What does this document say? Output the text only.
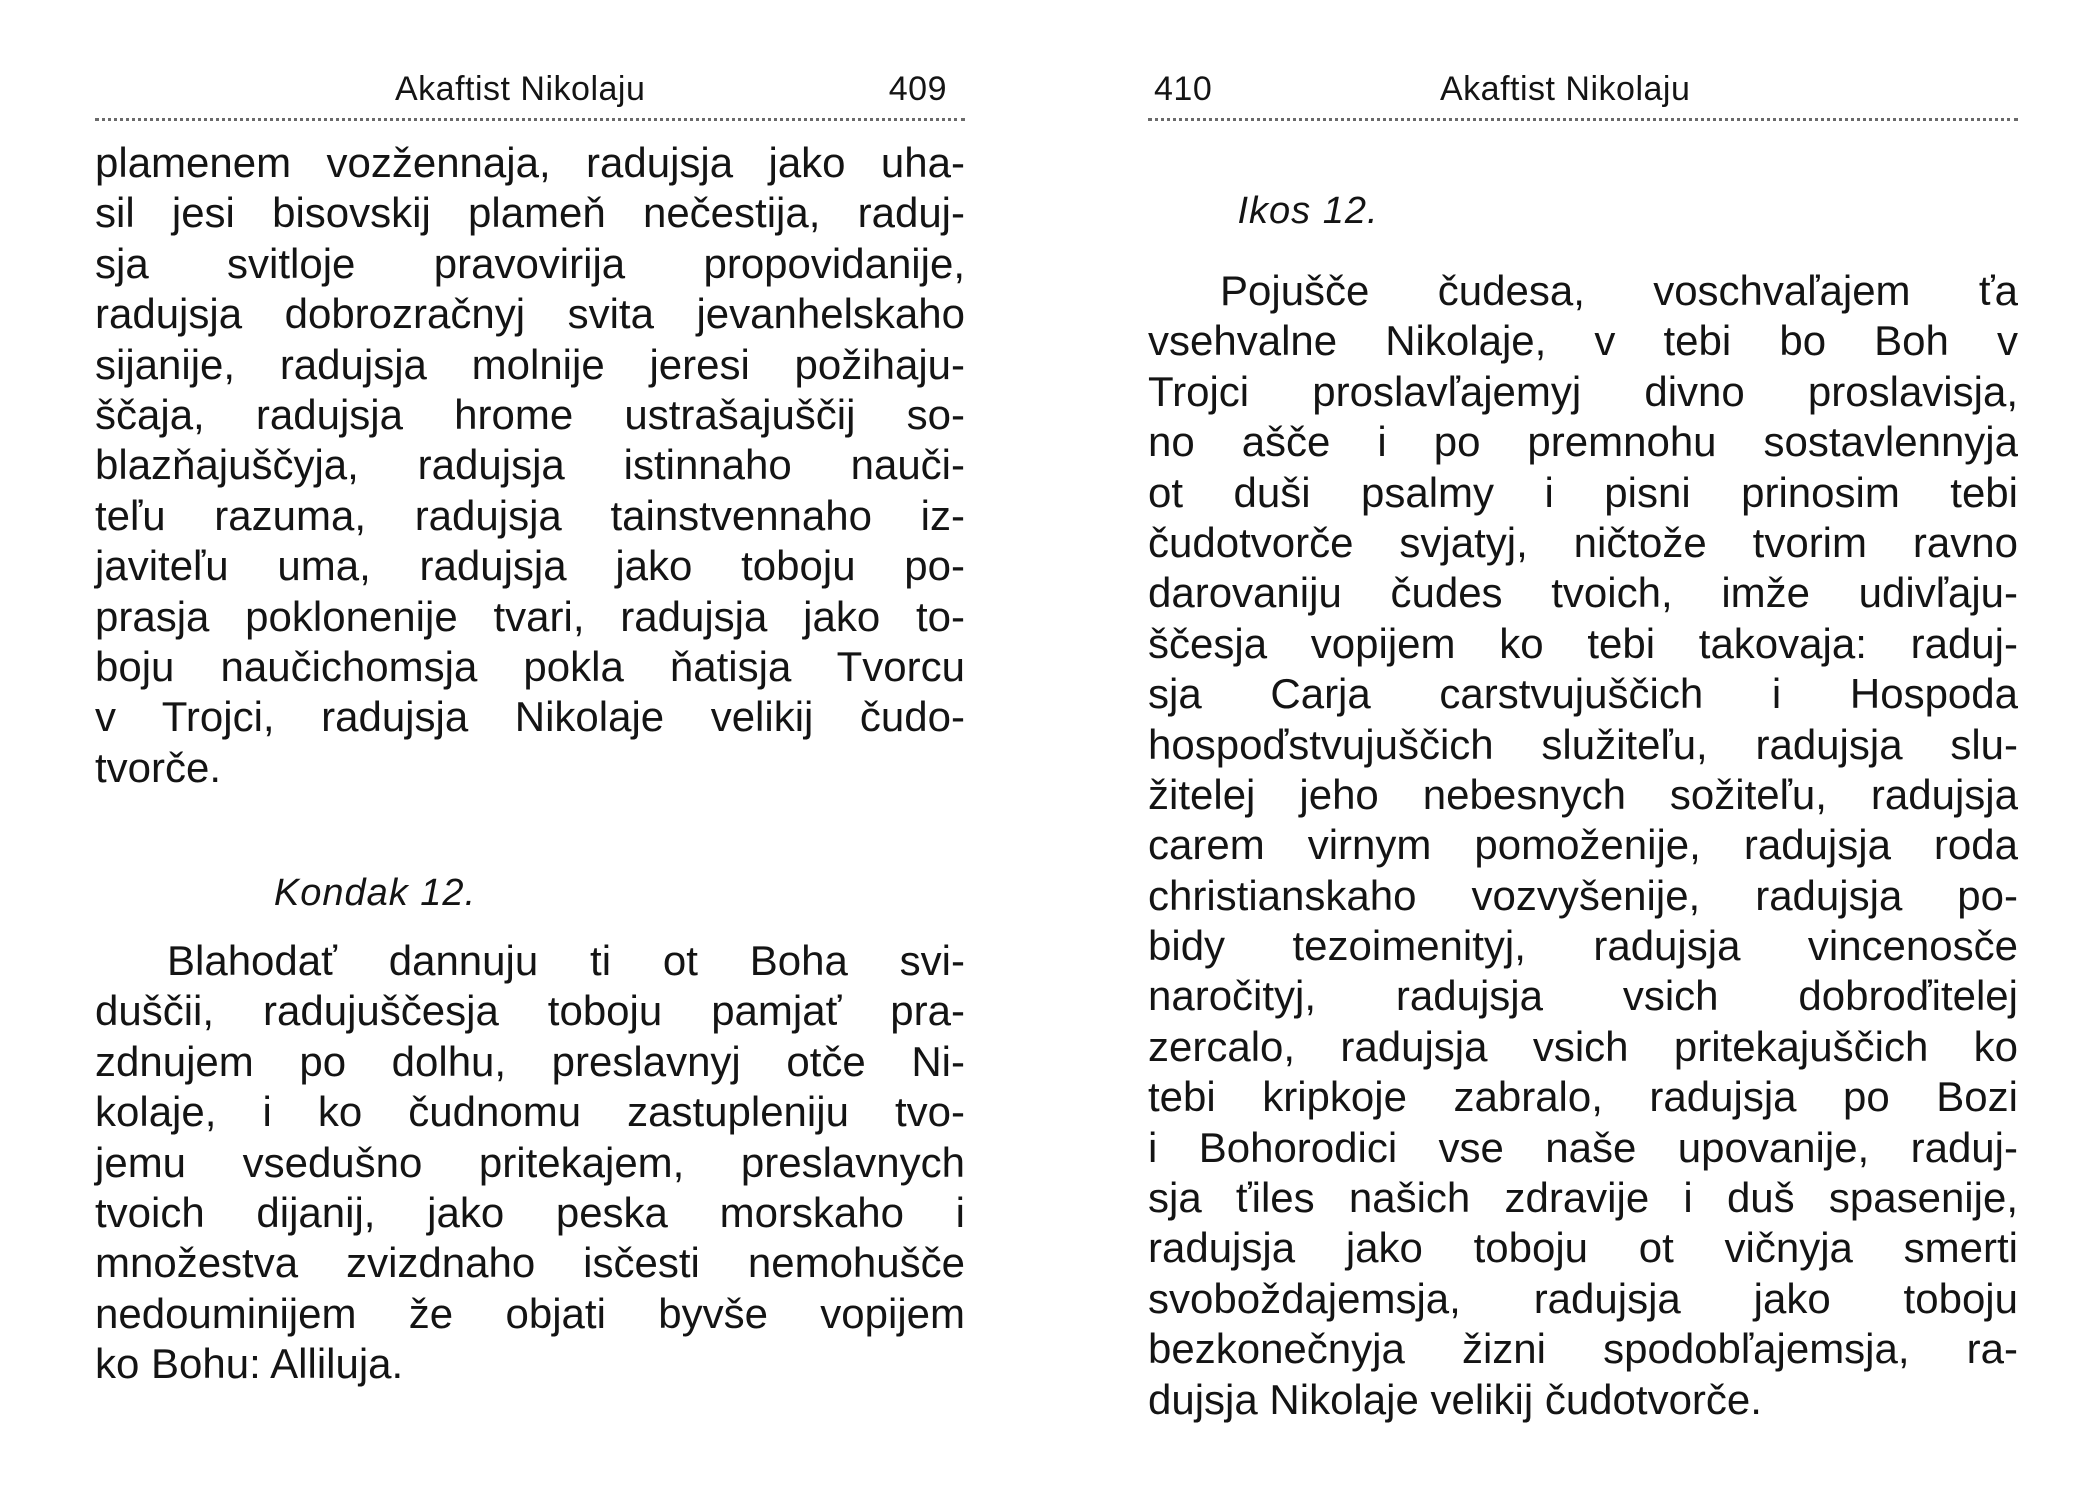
Akaftist Nikolaju	409
plamenem vozžennaja, radujsja jako uha-
sil jesi bisovskij plameň nečestija, raduj-
sja svitloje pravovirija propovidanije,
radujsja dobrozračnyj svita jevanhelskaho
sijanije, radujsja molnije jeresi požihaju-
ščaja, radujsja hrome ustrašajuščij so-
blazňajuščyja, radujsja istinnaho nauči-
teľu razuma, radujsja tainstvennaho iz-
javiteľu uma, radujsja jako toboju po-
prasja poklonenije tvari, radujsja jako to-
boju naučichomsja pokla ňatisja Tvorcu
v Trojci, radujsja Nikolaje velikij čudo-
tvorče.
Kondak 12.
Blahodať dannuju ti ot Boha svi-
duščii, radujuščesja toboju pamjať pra-
zdnujem po dolhu, preslavnyj otče Ni-
kolaje, i ko čudnomu zastupleniju tvo-
jemu vsedušno pritekajem, preslavnych
tvoich dijanij, jako peska morskaho i
množestva zvizdnaho isčesti nemohušče
nedouminijem že objati byvše vopijem
ko Bohu: Alliluja.
410	Akaftist Nikolaju
Ikos 12.
Pojušče čudesa, voschvaľajem ťa
vsehvalne Nikolaje, v tebi bo Boh v
Trojci proslavľajemyj divno proslavisja,
no ašče i po premnohu sostavlennyja
ot duši psalmy i pisni prinosim tebi
čudotvorče svjatyj, ničtože tvorim ravno
darovaniju čudes tvoich, imže udivľaju-
ščesja vopijem ko tebi takovaja: raduj-
sja Carja carstvujuščich i Hospoda
hospoďstvujuščich služiteľu, radujsja slu-
žitelej jeho nebesnych sožiteľu, radujsja
carem virnym pomoženije, radujsja roda
christianskaho vozvyšenije, radujsja po-
bidy tezoimenityj, radujsja vincenosče
naročityj, radujsja vsich dobroďitelej
zercalo, radujsja vsich pritekajuščich ko
tebi kripkoje zabralo, radujsja po Bozi
i Bohorodici vse naše upovanije, raduj-
sja ťiles našich zdravije i duš spasenije,
radujsja jako toboju ot vičnyja smerti
svoboždajemsja, radujsja jako toboju
bezkonečnyja žizni spodobľajemsja, ra-
dujsja Nikolaje velikij čudotvorče.
